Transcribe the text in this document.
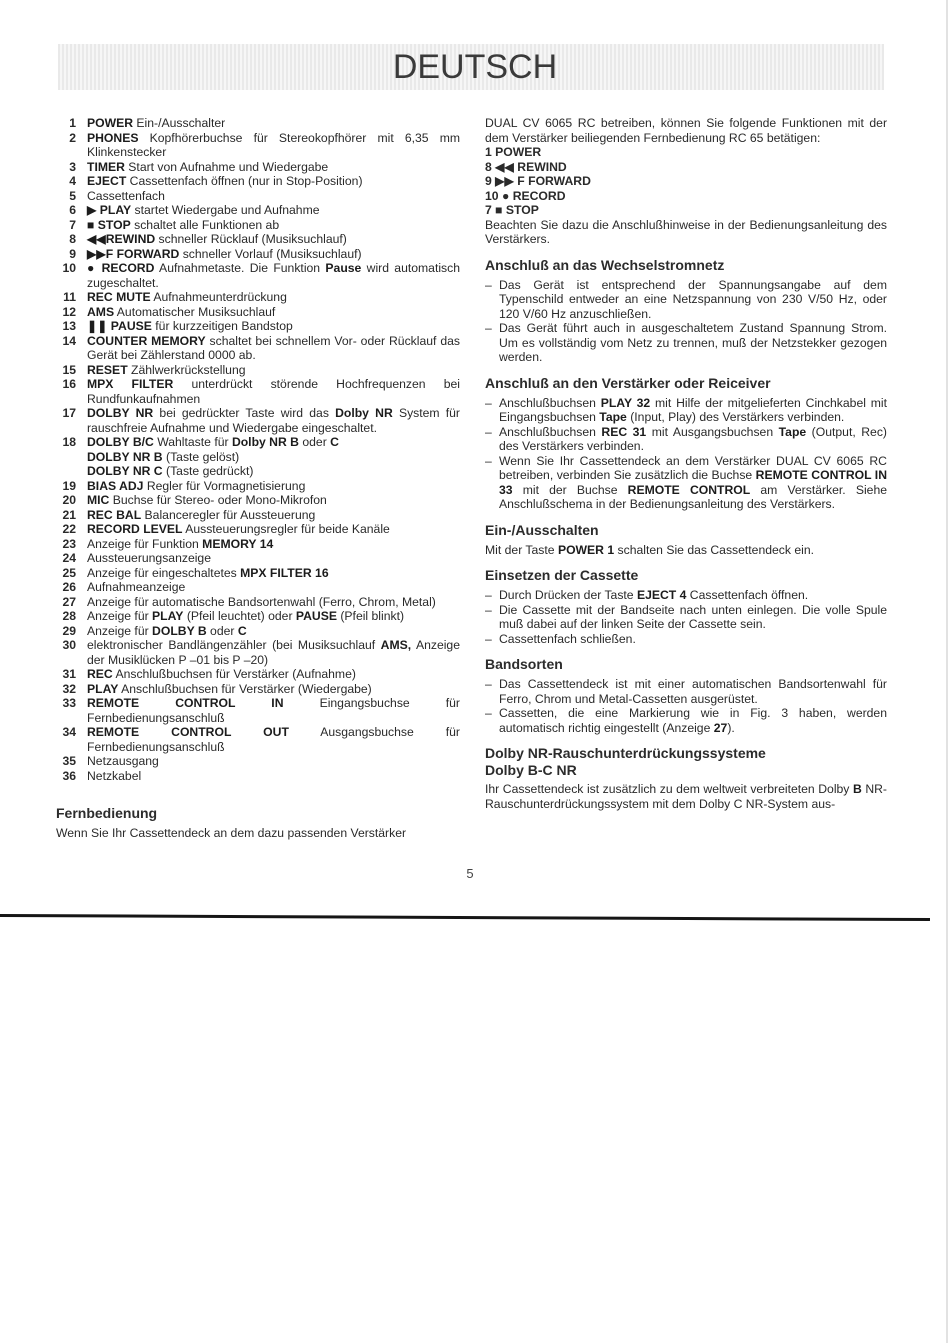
DEUTSCH
1 POWER Ein-/Ausschalter
2 PHONES Kopfhörerbuchse für Stereokopfhörer mit 6,35 mm Klinkenstecker
3 TIMER Start von Aufnahme und Wiedergabe
4 EJECT Cassettenfach öffnen (nur in Stop-Position)
5 Cassettenfach
6 ▶ PLAY startet Wiedergabe und Aufnahme
7 ■ STOP schaltet alle Funktionen ab
8 ◀◀REWIND schneller Rücklauf (Musiksuchlauf)
9 ▶▶F FORWARD schneller Vorlauf (Musiksuchlauf)
10 ● RECORD Aufnahmetaste. Die Funktion Pause wird automatisch zugeschaltet.
11 REC MUTE Aufnahmeunterdrückung
12 AMS Automatischer Musiksuchlauf
13 ❚❚ PAUSE für kurzzeitigen Bandstop
14 COUNTER MEMORY schaltet bei schnellem Vor- oder Rücklauf das Gerät bei Zählerstand 0000 ab.
15 RESET Zählwerkrückstellung
16 MPX FILTER unterdrückt störende Hochfrequenzen bei Rundfunkaufnahmen
17 DOLBY NR bei gedrückter Taste wird das Dolby NR System für rauschfreie Aufnahme und Wiedergabe eingeschaltet.
18 DOLBY B/C Wahltaste für Dolby NR B oder C
DOLBY NR B (Taste gelöst)
DOLBY NR C (Taste gedrückt)
19 BIAS ADJ Regler für Vormagnetisierung
20 MIC Buchse für Stereo- oder Mono-Mikrofon
21 REC BAL Balanceregler für Aussteuerung
22 RECORD LEVEL Aussteuerungsregler für beide Kanäle
23 Anzeige für Funktion MEMORY 14
24 Aussteuerungsanzeige
25 Anzeige für eingeschaltetes MPX FILTER 16
26 Aufnahmeanzeige
27 Anzeige für automatische Bandsortenwahl (Ferro, Chrom, Metal)
28 Anzeige für PLAY (Pfeil leuchtet) oder PAUSE (Pfeil blinkt)
29 Anzeige für DOLBY B oder C
30 elektronischer Bandlängenzähler (bei Musiksuchlauf AMS, Anzeige der Musiklücken P –01 bis P –20)
31 REC Anschlußbuchsen für Verstärker (Aufnahme)
32 PLAY Anschlußbuchsen für Verstärker (Wiedergabe)
33 REMOTE CONTROL IN Eingangsbuchse für Fernbedienungsanschluß
34 REMOTE CONTROL OUT Ausgangsbuchse für Fernbedienungsanschluß
35 Netzausgang
36 Netzkabel
Fernbedienung
Wenn Sie Ihr Cassettendeck an dem dazu passenden Verstärker
DUAL CV 6065 RC betreiben, können Sie folgende Funktionen mit der dem Verstärker beiliegenden Fernbedienung RC 65 betätigen:
1 POWER
8 ◀◀ REWIND
9 ▶▶ F FORWARD
10 ● RECORD
7 ■ STOP
Beachten Sie dazu die Anschlußhinweise in der Bedienungsanleitung des Verstärkers.
Anschluß an das Wechselstromnetz
– Das Gerät ist entsprechend der Spannungsangabe auf dem Typenschild entweder an eine Netzspannung von 230 V/50 Hz, oder 120 V/60 Hz anzuschließen.
– Das Gerät führt auch in ausgeschaltetem Zustand Spannung Strom. Um es vollständig vom Netz zu trennen, muß der Netzstekker gezogen werden.
Anschluß an den Verstärker oder Reiceiver
– Anschlußbuchsen PLAY 32 mit Hilfe der mitgelieferten Cinchkabel mit Eingangsbuchsen Tape (Input, Play) des Verstärkers verbinden.
– Anschlußbuchsen REC 31 mit Ausgangsbuchsen Tape (Output, Rec) des Verstärkers verbinden.
– Wenn Sie Ihr Cassettendeck an dem Verstärker DUAL CV 6065 RC betreiben, verbinden Sie zusätzlich die Buchse REMOTE CONTROL IN 33 mit der Buchse REMOTE CONTROL am Verstärker. Siehe Anschlußschema in der Bedienungsanleitung des Verstärkers.
Ein-/Ausschalten
Mit der Taste POWER 1 schalten Sie das Cassettendeck ein.
Einsetzen der Cassette
– Durch Drücken der Taste EJECT 4 Cassettenfach öffnen.
– Die Cassette mit der Bandseite nach unten einlegen. Die volle Spule muß dabei auf der linken Seite der Cassette sein.
– Cassettenfach schließen.
Bandsorten
– Das Cassettendeck ist mit einer automatischen Bandsortenwahl für Ferro, Chrom und Metal-Cassetten ausgerüstet.
– Cassetten, die eine Markierung wie in Fig. 3 haben, werden automatisch richtig eingestellt (Anzeige 27).
Dolby NR-Rauschunterdrückungssysteme
Dolby B-C NR
Ihr Cassettendeck ist zusätzlich zu dem weltweit verbreiteten Dolby B NR-Rauschunterdrückungssystem mit dem Dolby C NR-System aus-
5
